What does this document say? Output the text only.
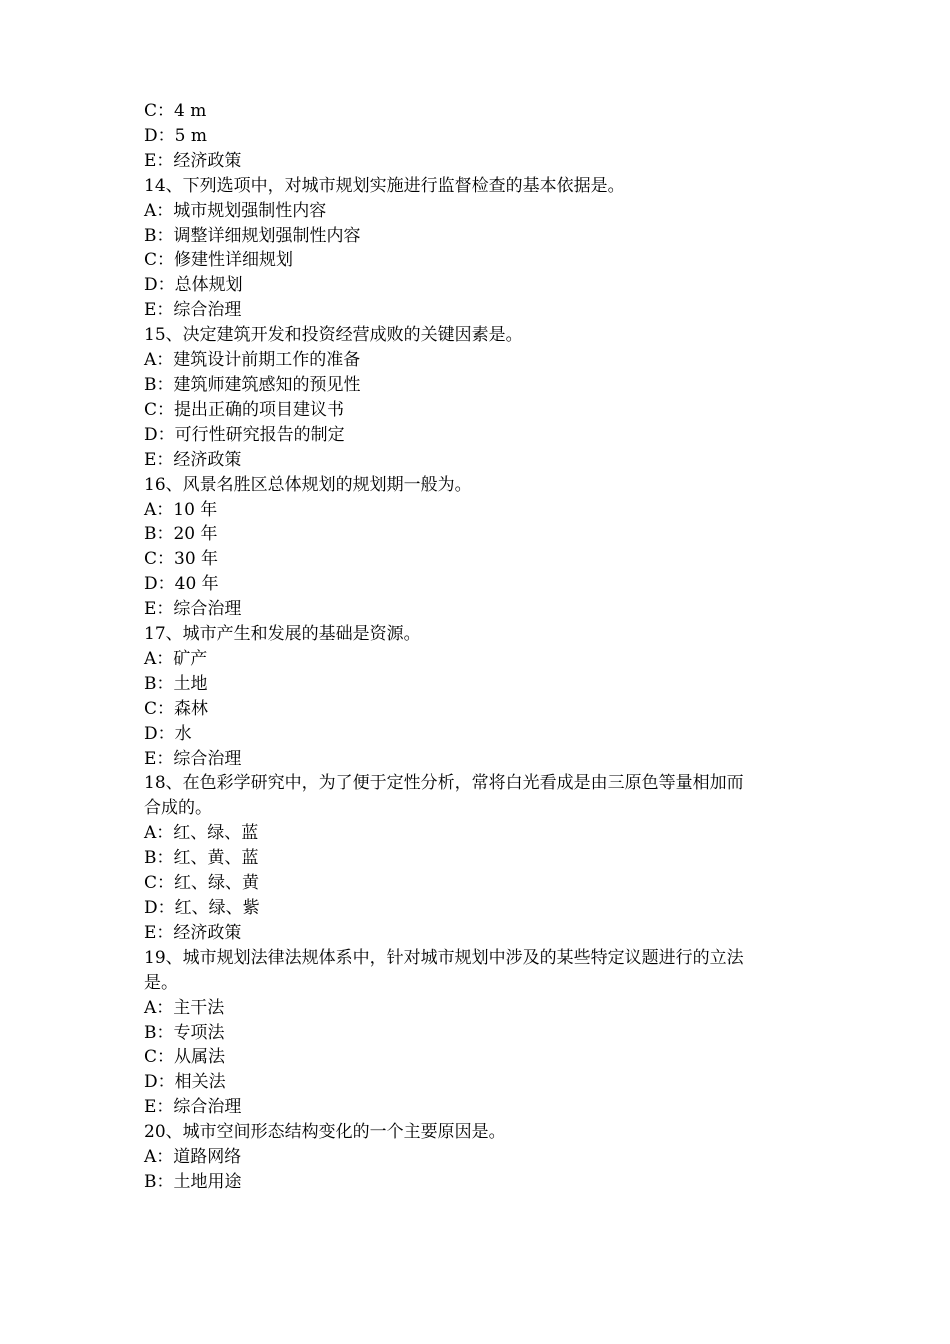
C：4 m
D：5 m
E：经济政策
14、下列选项中，对城市规划实施进行监督检查的基本依据是。
A：城市规划强制性内容
B：调整详细规划强制性内容
C：修建性详细规划
D：总体规划
E：综合治理
15、决定建筑开发和投资经营成败的关键因素是。
A：建筑设计前期工作的准备
B：建筑师建筑感知的预见性
C：提出正确的项目建议书
D：可行性研究报告的制定
E：经济政策
16、风景名胜区总体规划的规划期一般为。
A：10 年
B：20 年
C：30 年
D：40 年
E：综合治理
17、城市产生和发展的基础是资源。
A：矿产
B：土地
C：森林
D：水
E：综合治理
18、在色彩学研究中，为了便于定性分析，常将白光看成是由三原色等量相加而
合成的。
A：红、绿、蓝
B：红、黄、蓝
C：红、绿、黄
D：红、绿、紫
E：经济政策
19、城市规划法律法规体系中，针对城市规划中涉及的某些特定议题进行的立法
是。
A：主干法
B：专项法
C：从属法
D：相关法
E：综合治理
20、城市空间形态结构变化的一个主要原因是。
A：道路网络
B：土地用途
